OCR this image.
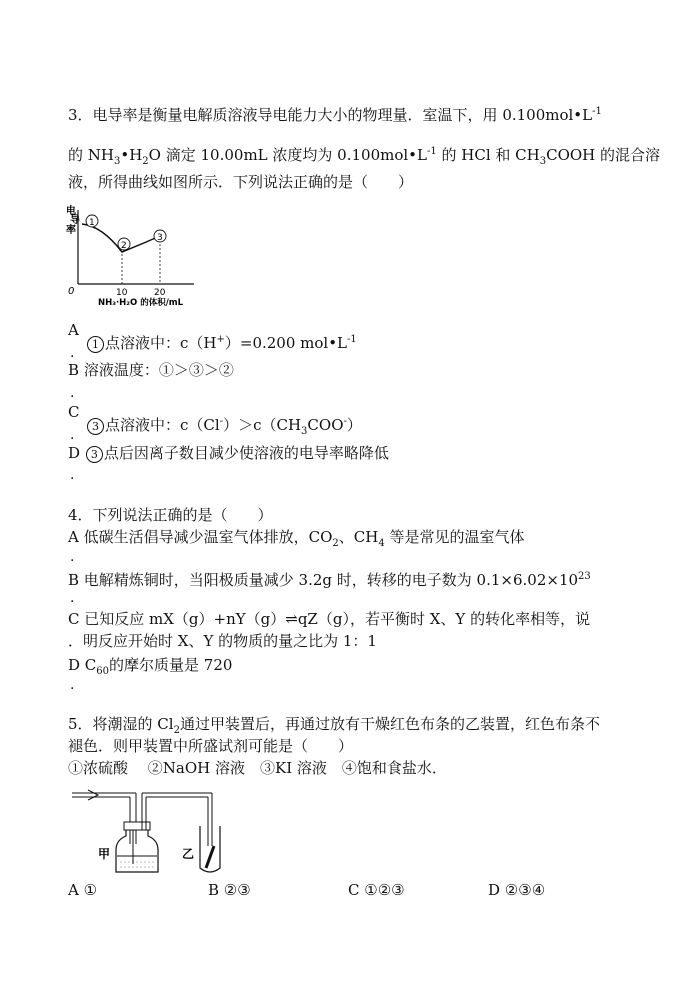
3．电导率是衡量电解质溶液导电能力大小的物理量．室温下，用 $0.100mol•L^{-1}$
的 $NH_3•H_2O$ 滴定 10.00mL 浓度均为 $0.100mol•L^{-1}$ 的 HCl 和 $CH_3COOH$ 的混合溶
液，所得曲线如图所示．下列说法正确的是（　　）
电
导
率
1
2
3
0	10	20
NH₃·H₂O 的体积/mL
A
1 点溶液中：c（H+）=0.200 $mol•L^{-1}$
.
B 溶液温度：①＞③＞②
.
C
3 点溶液中：$c(Cl^-)>c(CH_3COO^-)$
.
D 3 点后因离子数目减少使溶液的电导率略降低
.
4．下列说法正确的是（　　）
A 低碳生活倡导减少温室气体排放，$CO_2$、$CH_4$ 等是常见的温室气体
.
B 电解精炼铜时，当阳极质量减少 3.2g 时，转移的电子数为 $0.1\times 6.02\times 10^{23}$
.
C 已知反应 mX（g）+nY（g）⇌qZ（g），若平衡时 X、Y 的转化率相等，说
．明反应开始时 X、Y 的物质的量之比为 1：1
D $C_{60}$的摩尔质量是 720
.
5．将潮湿的 $Cl_2$通过甲装置后，再通过放有干燥红色布条的乙装置，红色布条不
褪色．则甲装置中所盛试剂可能是（　　）
①浓硫酸　 ②NaOH 溶液　③KI 溶液　④饱和食盐水．
甲	乙
A ①	B ②③	C ①②③	D ②③④
